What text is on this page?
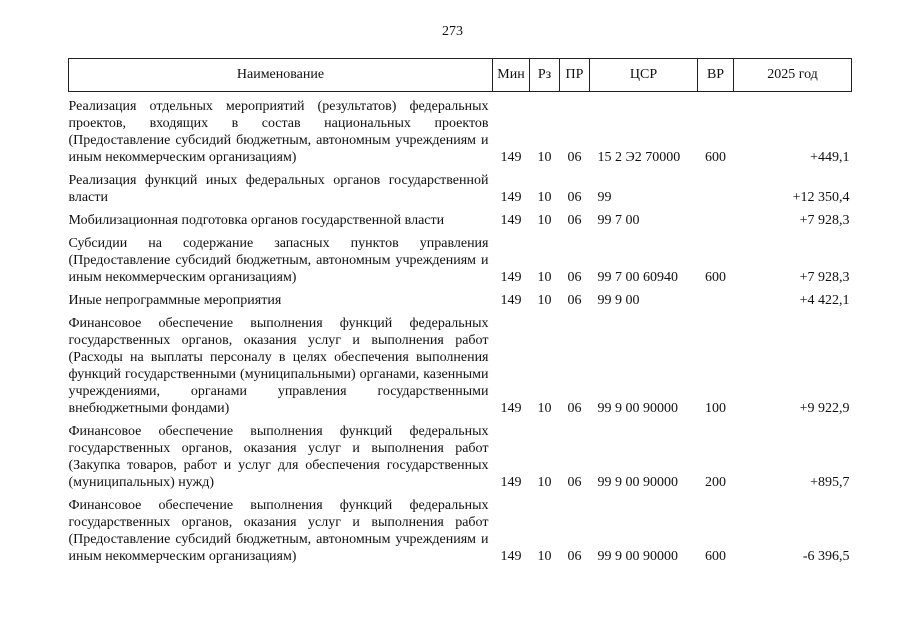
273
Наименование	Мин	Рз	ПР	ЦСР	ВР	2025 год

Реализация отдельных мероприятий (результатов) федеральных проектов, входящих в состав национальных проектов (Предоставление субсидий бюджетным, автономным учреждениям и иным некоммерческим организациям)	149	10	06	15 2 Э2 70000	600	+449,1

Реализация функций иных федеральных органов государственной власти	149	10	06	99		+12 350,4

Мобилизационная подготовка органов государственной власти	149	10	06	99 7 00		+7 928,3

Субсидии на содержание запасных пунктов управления (Предоставление субсидий бюджетным, автономным учреждениям и иным некоммерческим организациям)	149	10	06	99 7 00 60940	600	+7 928,3

Иные непрограммные мероприятия	149	10	06	99 9 00		+4 422,1

Финансовое обеспечение выполнения функций федеральных государственных органов, оказания услуг и выполнения работ (Расходы на выплаты персоналу в целях обеспечения выполнения функций государственными (муниципальными) органами, казенными учреждениями, органами управления государственными внебюджетными фондами)	149	10	06	99 9 00 90000	100	+9 922,9

Финансовое обеспечение выполнения функций федеральных государственных органов, оказания услуг и выполнения работ (Закупка товаров, работ и услуг для обеспечения государственных (муниципальных) нужд)	149	10	06	99 9 00 90000	200	+895,7

Финансовое обеспечение выполнения функций федеральных государственных органов, оказания услуг и выполнения работ (Предоставление субсидий бюджетным, автономным учреждениям и иным некоммерческим организациям)	149	10	06	99 9 00 90000	600	-6 396,5
